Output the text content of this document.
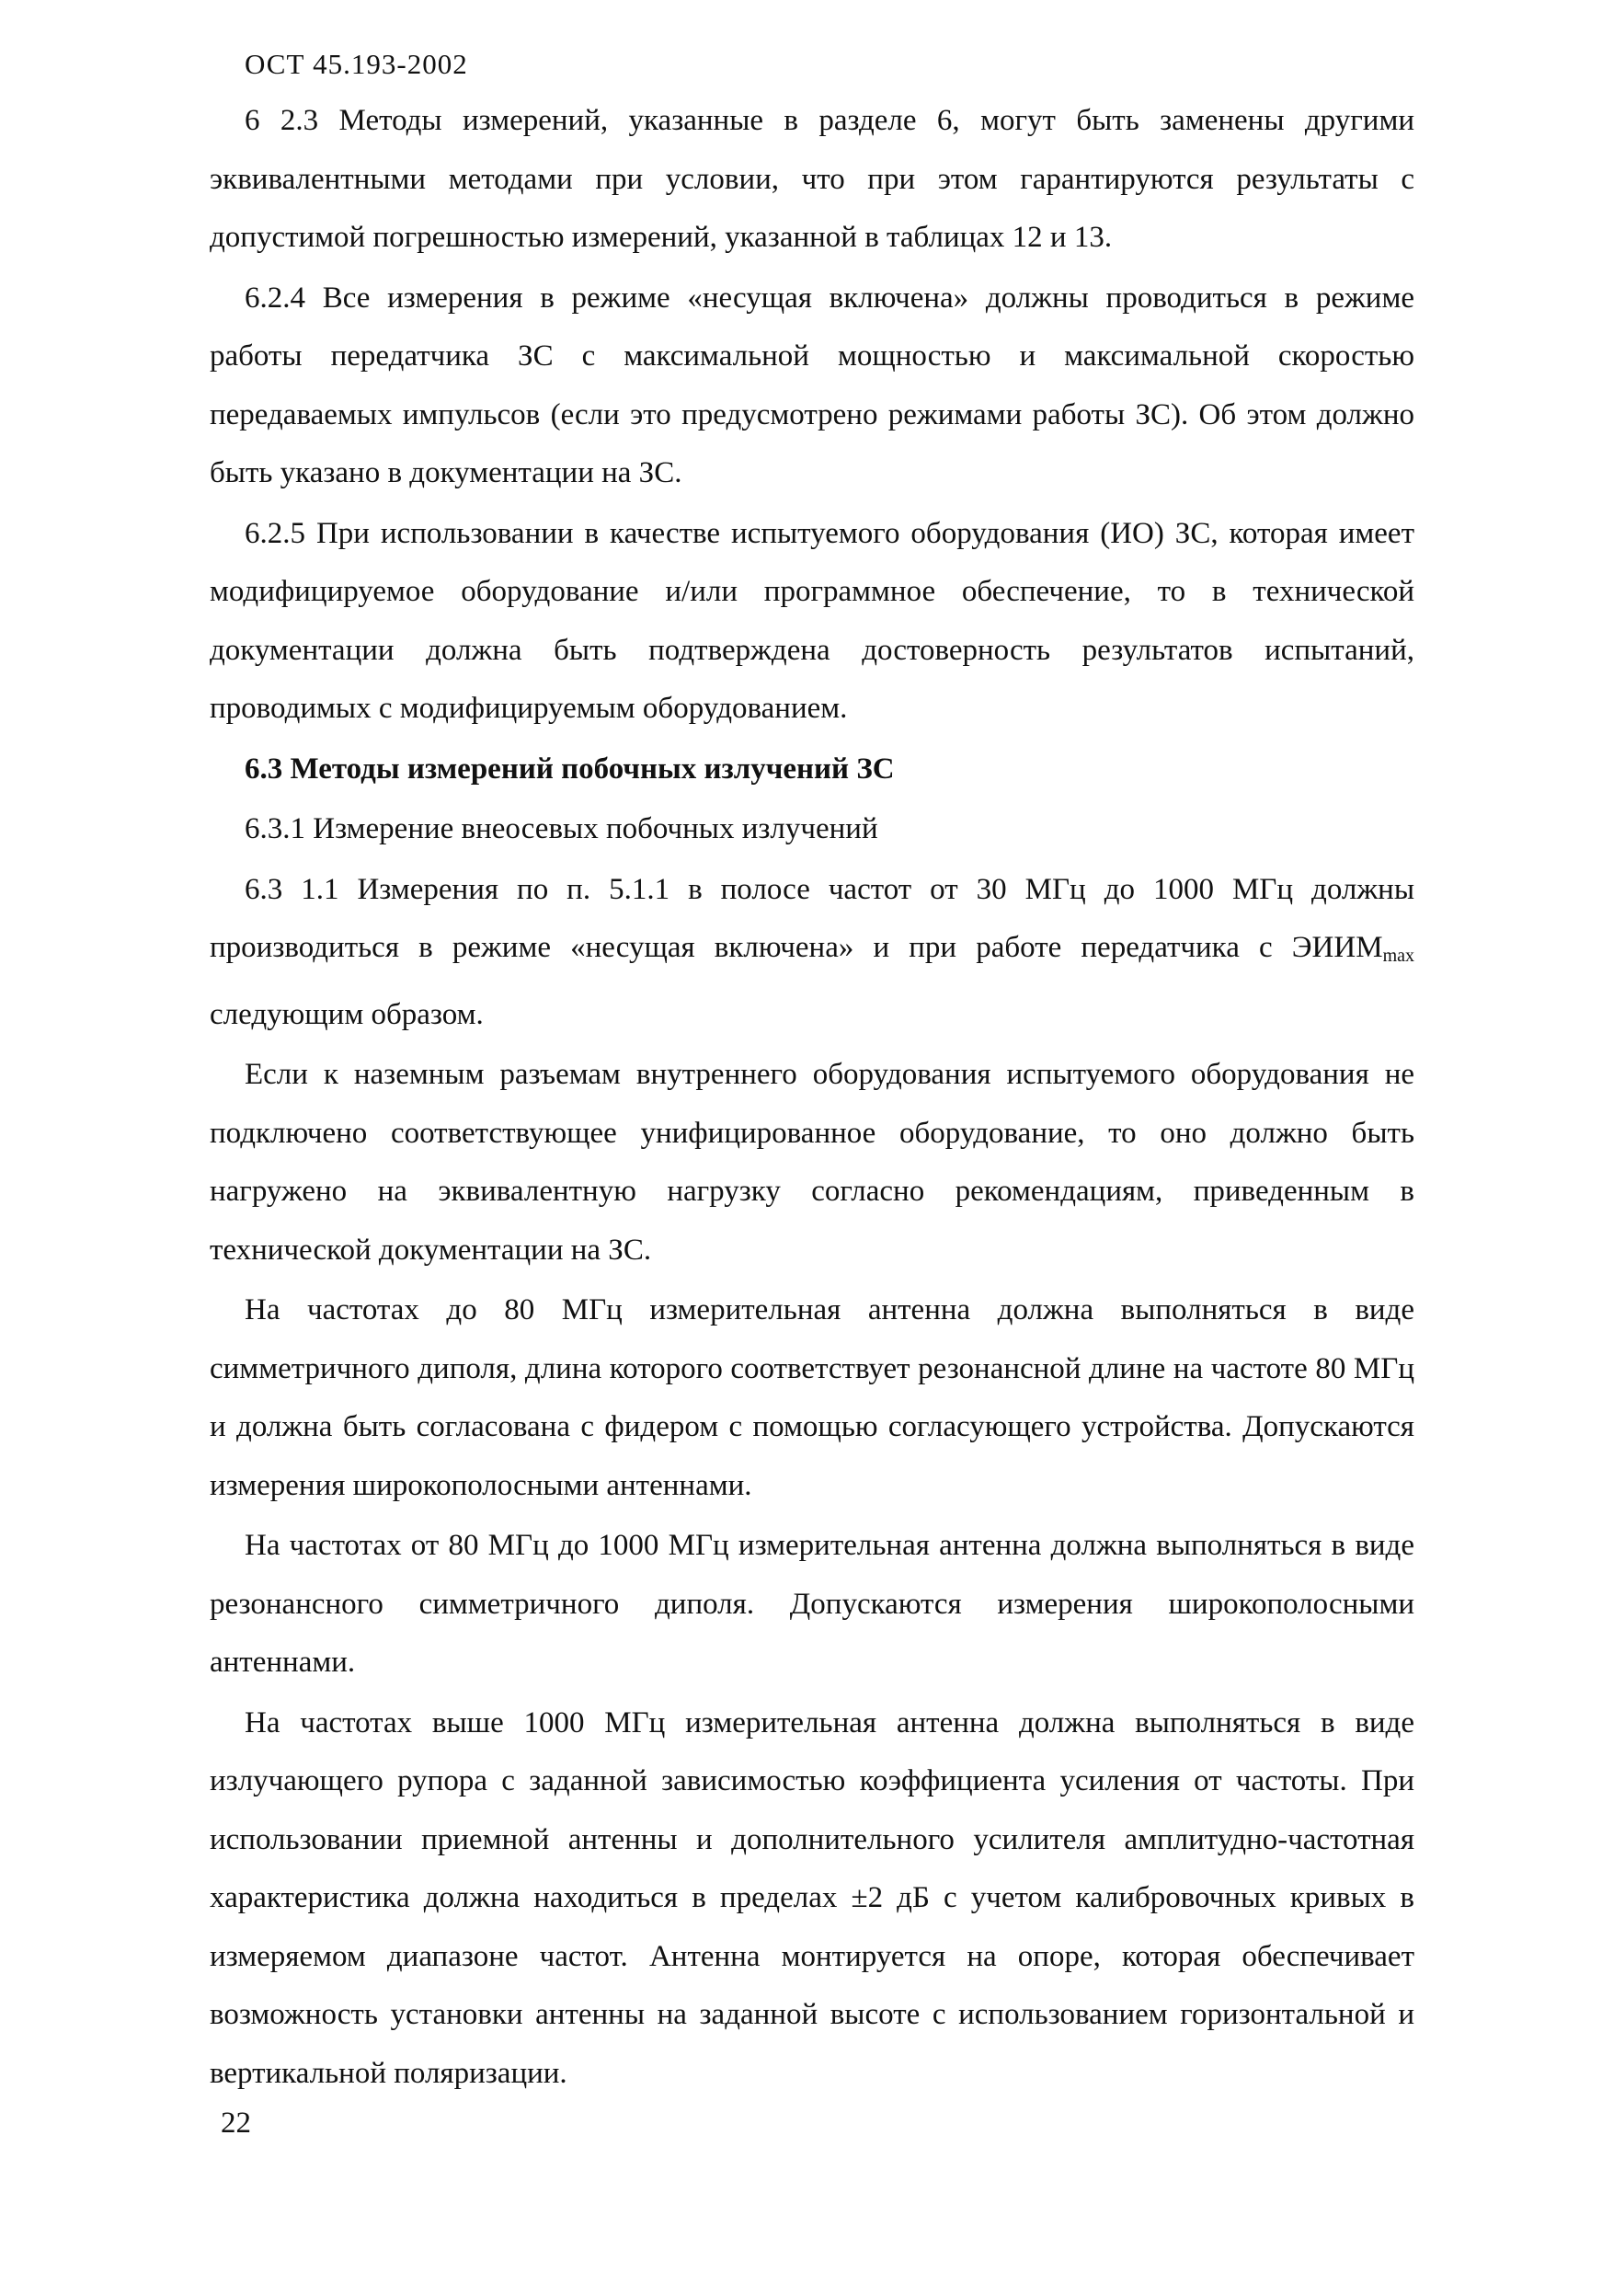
ОСТ 45.193-2002

6 2.3 Методы измерений, указанные в разделе 6, могут быть заменены другими эквивалентными методами при условии, что при этом гарантируются результаты с допустимой погрешностью измерений, указанной в таблицах 12 и 13.

6.2.4 Все измерения в режиме «несущая включена» должны проводиться в режиме работы передатчика ЗС с максимальной мощностью и максимальной скоростью передаваемых импульсов (если это предусмотрено режимами работы ЗС). Об этом должно быть указано в документации на ЗС.

6.2.5 При использовании в качестве испытуемого оборудования (ИО) ЗС, которая имеет модифицируемое оборудование и/или программное обеспечение, то в технической документации должна быть подтверждена достоверность результатов испытаний, проводимых с модифицируемым оборудованием.

6.3 Методы измерений побочных излучений ЗС

6.3.1 Измерение внеосевых побочных излучений

6.3 1.1 Измерения по п. 5.1.1 в полосе частот от 30 МГц до 1000 МГц должны производиться в режиме «несущая включена» и при работе передатчика с $ЭИИМ_{max}$ следующим образом.

Если к наземным разъемам внутреннего оборудования испытуемого оборудования не подключено соответствующее унифицированное оборудование, то оно должно быть нагружено на эквивалентную нагрузку согласно рекомендациям, приведенным в технической документации на ЗС.

На частотах до 80 МГц измерительная антенна должна выполняться в виде симметричного диполя, длина которого соответствует резонансной длине на частоте 80 МГц и должна быть согласована с фидером с помощью согласующего устройства. Допускаются измерения широкополосными антеннами.

На частотах от 80 МГц до 1000 МГц измерительная антенна должна выполняться в виде резонансного симметричного диполя. Допускаются измерения широкополосными антеннами.

На частотах выше 1000 МГц измерительная антенна должна выполняться в виде излучающего рупора с заданной зависимостью коэффициента усиления от частоты. При использовании приемной антенны и дополнительного усилителя амплитудно-частотная характеристика должна находиться в пределах ±2 дБ с учетом калибровочных кривых в измеряемом диапазоне частот. Антенна монтируется на опоре, которая обеспечивает возможность установки антенны на заданной высоте с использованием горизонтальной и вертикальной поляризации.

22
